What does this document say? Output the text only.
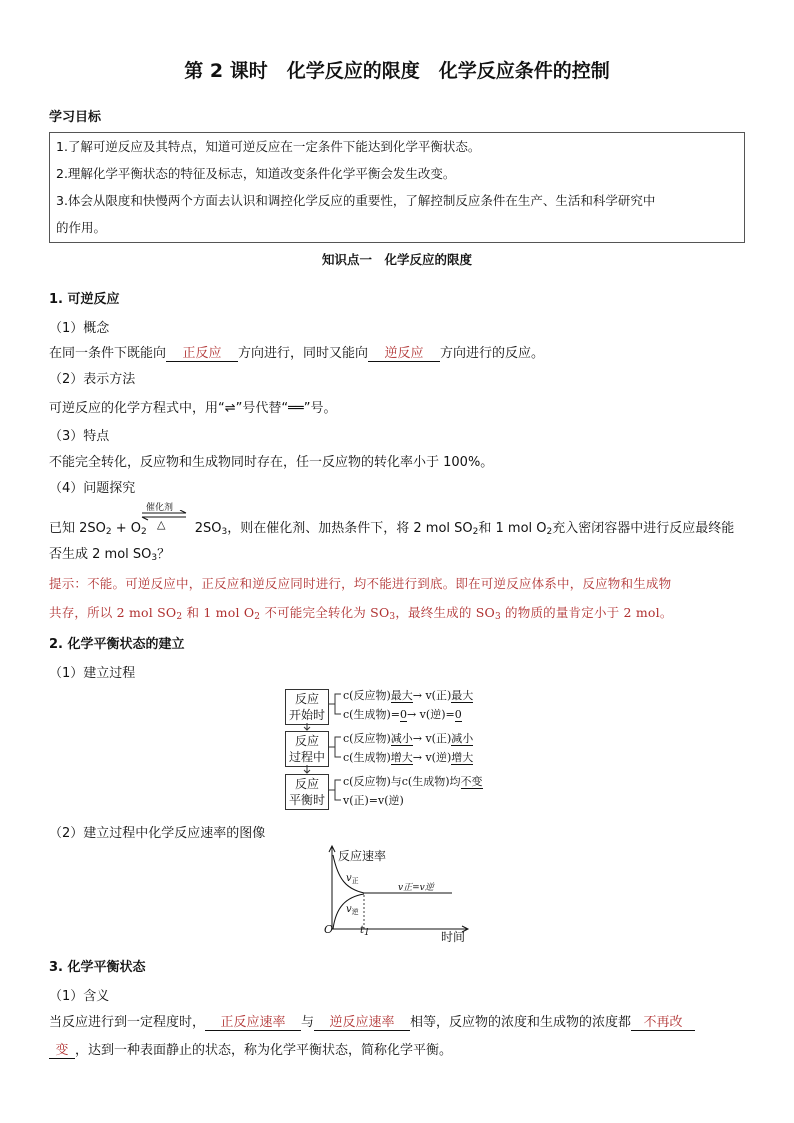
第 2 课时　化学反应的限度　化学反应条件的控制
学习目标
1.了解可逆反应及其特点，知道可逆反应在一定条件下能达到化学平衡状态。
2.理解化学平衡状态的特征及标志，知道改变条件化学平衡会发生改变。
3.体会从限度和快慢两个方面去认识和调控化学反应的重要性，了解控制反应条件在生产、生活和科学研究中
的作用。
知识点一　化学反应的限度
1. 可逆反应
（1）概念
在同一条件下既能向 正反应 方向进行，同时又能向 逆反应 方向进行的反应。
（2）表示方法
可逆反应的化学方程式中，用“⇌”号代替“══”号。
（3）特点
不能完全转化，反应物和生成物同时存在，任一反应物的转化率小于 100%。
（4）问题探究
已知 $2SO_2 + O_2$	$2SO_3$，则在催化剂、加热条件下，将 2 mol $SO_2$和 1 mol $O_2$充入密闭容器中进行反应最终能
催化剂
△
否生成 2 mol $SO_3$？
提示：不能。可逆反应中，正反应和逆反应同时进行，均不能进行到底。即在可逆反应体系中，反应物和生成物
共存，所以 2 mol $SO_2$ 和 1 mol $O_2$ 不可能完全转化为 $SO_3$，最终生成的 $SO_3$ 的物质的量肯定小于 2 mol。
2. 化学平衡状态的建立
（1）建立过程
反应
开始时
反应
过程中
反应
平衡时
c(反应物)最大→ v(正)最大
c(生成物)=0→ v(逆)=0
c(反应物)减小→ v(正)减小
c(生成物)增大→ v(逆)增大
c(反应物)与c(生成物)均不变
v(正)=v(逆)
（2）建立过程中化学反应速率的图像
反应速率
时间
O	$t_1$
$v_正$
$v_逆$
v正=v逆
3. 化学平衡状态
（1）含义
当反应进行到一定程度时， 正反应速率 与 逆反应速率 相等，反应物的浓度和生成物的浓度都 不再改
变 ，达到一种表面静止的状态，称为化学平衡状态，简称化学平衡。
